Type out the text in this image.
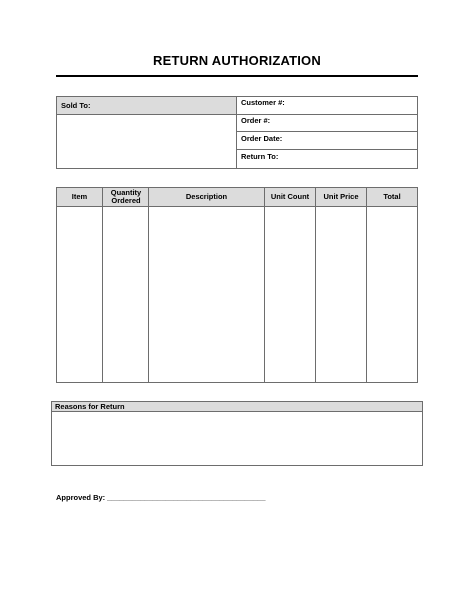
RETURN AUTHORIZATION
Sold To:	Customer #:
Order #:
Order Date:
Return To:
Item	Quantity Ordered	Description	Unit Count	Unit Price	Total
Reasons for Return
Approved By: ______________________________________
